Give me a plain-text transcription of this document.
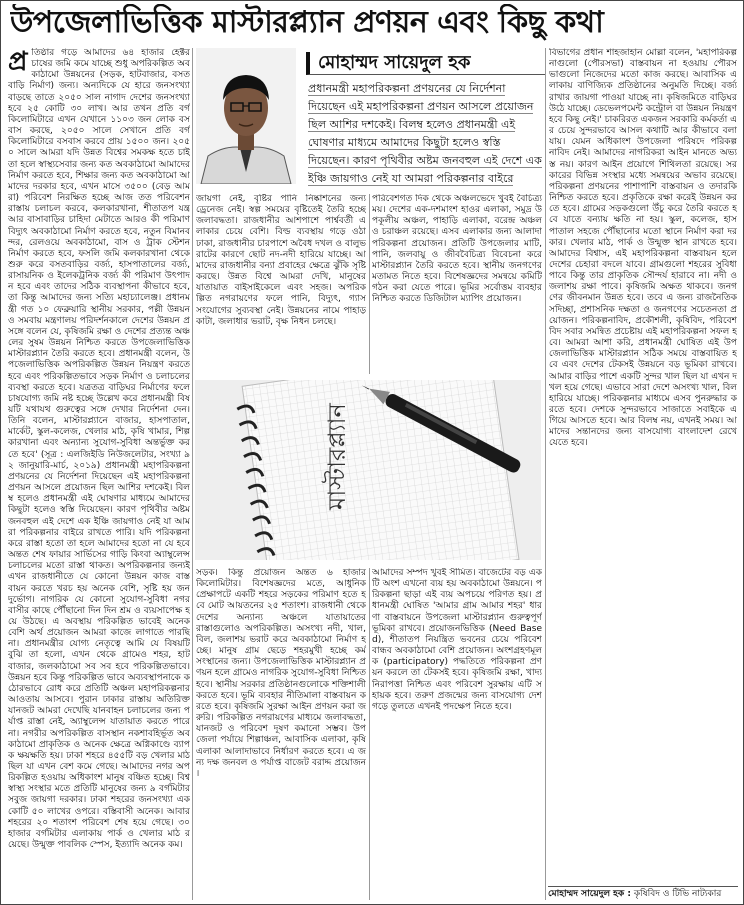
উপজেলাভিত্তিক মাস্টারপ্ল্যান প্রণয়ন এবং কিছু কথা
প্র তিষ্ঠার গড়ে আমাদের ৬৪ হাজার হেক্টর চাষের জমি কমে যাচ্ছে শুধু অপরিকল্পিত অবকাঠামো উন্নয়নের (সড়ক, হাটবাজার, বসতবাড়ি নির্মাণ) জন্য। অন্যদিকে যে হারে জনসংখ্যা বাড়ছে তাতে ২০৫০ সাল নাগাদ দেশের জনসংখ্যা হবে ২৫ কোটি ৩০ লাখ। আর তখন প্রতি বর্গকিলোমিটারে এখন যেখানে ১১০৩ জন লোক বসবাস করছে, ২০৫০ সালে সেখানে প্রতি বর্গকিলোমিটারে বসবাস করবে প্রায় ১৫০০ জন। ২০৫০ সালে আমরা যদি উন্নত বিশ্বের সমকক্ষ হতে চাই তা হলে স্বাস্থ্যসেবার জন্য কত অবকাঠামো আমাদের নির্মাণ করতে হবে, শিক্ষার জন্য কত অবকাঠামো আমাদের দরকার হবে, এখন মাসে ৩৫০০ (বেড় আমরা) পরিবেশ নিরক্ষিত হচ্ছে আজ তত পরিবেশন রাস্তায় চলাচল করবে, কলকারখানা, শীতাতপ যন্ত্র আর বাসাবাড়ির চাহিদা মেটাতে আরও কী পরিমাণ বিদ্যুৎ অবকাঠামো নির্মাণ করতে হবে, নতুন বিমানবন্দর, রেলওয়ে অবকাঠামো, বাস ও ট্রাক স্টেশন নির্মাণ করতে হবে, ফসলি জমি কলকারখানা থেকে শুরু করে বসতবাড়ির বর্জ্য, হাসপাতালের বর্জ্য, রাসায়নিক ও ইলেকট্রনিক বর্জ্য কী পরিমাণ উৎপাদন হবে এবং তাদের সঠিক ব্যবস্থাপনা কীভাবে হবে, তা কিন্তু আমাদের জন্য সত্যি মহাচ্যালেঞ্জ। প্রধানমন্ত্রী গত ১০ ফেব্রুয়ারি স্থানীয় সরকার, পল্লী উন্নয়ন ও সমবায় মন্ত্রণালয় পরিদর্শনকালে দেশের উন্নয়ন প্রসঙ্গে বলেন যে, কৃষিজমি রক্ষা ও দেশের প্রত্যন্ত অঞ্চলের সুষম উন্নয়ন নিশ্চিত করতে উপজেলাভিত্তিক মাস্টারপ্ল্যান তৈরি করতে হবে। প্রধানমন্ত্রী বলেন, উপজেলাভিত্তিক অপরিকল্পিত উন্নয়ন নিয়ন্ত্রণ করতে হবে এবং পরিকল্পিতভাবে সড়ক নির্মাণ ও চলাচলের ব্যবস্থা করতে হবে। যত্রতত্র বাড়িঘর নির্মাণের ফলে চাষযোগ্য জমি নষ্ট হচ্ছে উল্লেখ করে প্রধানমন্ত্রী বিষয়টি যথাযথ গুরুত্বের সঙ্গে দেখার নির্দেশনা দেন। তিনি বলেন, মাস্টারপ্ল্যানে বাজার, হাসপাতাল, মার্কেট, স্কুল-কলেজ, খেলার মাঠ, কৃষি খামার, শিল্পকারখানা এবং অন্যান্য সুযোগ-সুবিধা অন্তর্ভুক্ত করতে হবে' (সূত্র : এলজিইডি নিউজলেটার, সংখ্যা ৯২ জানুয়ারি-মার্চ, ২০১৯) প্রধানমন্ত্রী মহাপরিকল্পনা প্রণয়নের যে নির্দেশনা দিয়েছেন এই মহাপরিকল্পনা প্রণয়ন আসলে প্রয়োজন ছিল আশির দশকেই। বিলম্ব হলেও প্রধানমন্ত্রী এই ঘোষণার মাধ্যমে আমাদের কিছুটা হলেও স্বস্তি দিয়েছেন। কারণ পৃথিবীর অষ্টম জনবহুল এই দেশে এক ইঞ্চি জায়গাও নেই যা আমরা পরিকল্পনার বাইরে রাখতে পারি। যদি পরিকল্পনা করে রাস্তা হতো তা হলে আমাদের হতো না যে হবে অন্তত শেষ ফায়ার সার্ভিসের গাড়ি কিংবা অ্যাম্বুলেন্স চলাচলের মতো রাস্তা থাকত। অপরিকল্পনার জন্যই এখন রাজধানীতে যে কোনো উন্নয়ন কাজ বাস্তবায়ন করতে খরচ হয় অনেক বেশি, সৃষ্টি হয় জনদুর্ভোগ। নাগরিক যে কোনো সুযোগ-সুবিধা নগরবাসীর কাছে পৌঁছানো দিন দিন শ্রম ও ব্যয়সাপেক্ষ হয়ে উঠছে। এ অবস্থায় পরিকল্পিত ভাবেই অনেক বেশি অর্থ প্রয়োজন আমরা কাজে লাগাতে পারছি না। প্রধানমন্ত্রীর যোগ্য নেতৃত্বে আমি যে বিষয়টি বুঝি তা হলো, এখন থেকে গ্রামেও শহর, হাটবাজার, জলকাঠামো সব সব হবে পরিকল্পিতভাবে। উন্নয়ন হবে কিন্তু পরিকল্পিত ভাবে অব্যবস্থাপনাকে কঠোরভাবে রোধ করে প্রতিটি অঞ্চল মহাপরিকল্পনার আওতায় আসবে। পুরান ঢাকার রাস্তায় অতিরিক্ত যানজট আমরা দেখেছি যানবাহন চলাচলের জন্য পর্যাপ্ত রাস্তা নেই, অ্যাম্বুলেন্স যাতায়াত করতে পারে না। নগরীর অপরিকল্পিত বাসস্থান নকশাবহির্ভূত অবকাঠামো প্রাকৃতিক ও অনেক ক্ষেত্রে অগ্নিকাণ্ডে ব্যাপক ক্ষয়ক্ষতি হয়। ঢাকা শহরে ৪৫৫টি বড় খেলার মাঠ ছিল যা এখন বেশ কমে গেছে। আমাদের নগর অপরিকল্পিত হওয়ায় অধিকাংশ মানুষ বঞ্চিত হচ্ছে। বিশ্ব স্বাস্থ্য সংস্থার মতে প্রতিটি মানুষের জন্য ৯ বর্গমিটার সবুজ জায়গা দরকার। ঢাকা শহরের জনসংখ্যা এক কোটি ৫০ লাখের ওপরে। বস্তিবাসী অনেক। আবার শহরের ২০ শতাংশ পরিবেশ শেষ হয়ে গেছে। ৩০ হাজার বর্গমিটার এলাকায় পার্ক ও খেলার মাঠ রয়েছে। উন্মুক্ত পাবলিক স্পেস, ইত্যাদি অনেক কম।
মোহাম্মদ সায়েদুল হক
প্রধানমন্ত্রী মহাপরিকল্পনা প্রণয়নের যে নির্দেশনা দিয়েছেন এই মহাপরিকল্পনা প্রণয়ন আসলে প্রয়োজন ছিল আশির দশকেই। বিলম্ব হলেও প্রধানমন্ত্রী এই ঘোষণার মাধ্যমে আমাদের কিছুটা হলেও স্বস্তি দিয়েছেন। কারণ পৃথিবীর অষ্টম জনবহুল এই দেশে এক ইঞ্চি জায়গাও নেই যা আমরা পরিকল্পনার বাইরে
জায়গা নেই, বৃষ্টির পানি নিষ্কাশনের জন্য ড্রেনেজ নেই। স্বল্প সময়ের বৃষ্টিতেই তৈরি হচ্ছে জলাবদ্ধতা। রাজধানীর আশপাশে পার্শ্ববর্তী এলাকার চেয়ে বেশি। বিল্ড ব্যবস্থায় গড়ে ওঠা ঢাকা, রাজধানীর চারপাশে অবৈধ দখল ও বালুভরাটের কারণে ছোট নদ-নদী হারিয়ে যাচ্ছে। আমাদের রাজধানীর বন্যা প্রবাহের ক্ষেত্রে ঝুঁকি সৃষ্টি করছে। উন্নত বিশ্বে আমরা দেখি, মানুষের যাতায়াত বাইসাইকেলে এবং সহজ। অপরিকল্পিত নগরায়ণের ফলে পানি, বিদ্যুৎ, গ্যাস সংযোগের সুব্যবস্থা নেই। উন্নয়নের নামে পাহাড় কাটা, জলাধার ভরাট, বৃক্ষ নিধন চলছে।
পরিবেশগত দিক থেকে অঞ্চলভেদে খুবই বৈচিত্র্যময়। দেশের এক-দশমাংশ হাওর এলাকা, সমুদ্র উপকূলীয় অঞ্চল, পাহাড়ি এলাকা, বরেন্দ্র অঞ্চল ও চরাঞ্চল রয়েছে। এসব এলাকার জন্য আলাদা পরিকল্পনা প্রয়োজন। প্রতিটি উপজেলার মাটি, পানি, জলবায়ু ও জীববৈচিত্র্য বিবেচনা করে মাস্টারপ্ল্যান তৈরি করতে হবে। স্থানীয় জনগণের মতামত নিতে হবে। বিশেষজ্ঞদের সমন্বয়ে কমিটি গঠন করা যেতে পারে। ভূমির সর্বোত্তম ব্যবহার নিশ্চিত করতে ডিজিটাল ম্যাপিং প্রয়োজন।
মাস্টারপ্ল্যান
সড়ক। কিন্তু প্রয়োজন অন্তত ৬ হাজার কিলোমিটার। বিশেষজ্ঞদের মতে, আধুনিক প্রেক্ষাপটে একটি শহরে সড়কের পরিমাণ হতে হবে মোট আয়তনের ২৫ শতাংশ। রাজধানী থেকে দেশের অন্যান্য অঞ্চলে যাতায়াতের রাস্তাগুলোও অপরিকল্পিত। অসংখ্য নদী, খাল, বিল, জলাশয় ভরাট করে অবকাঠামো নির্মাণ হচ্ছে। মানুষ গ্রাম ছেড়ে শহরমুখী হচ্ছে কর্মসংস্থানের জন্য। উপজেলাভিত্তিক মাস্টারপ্ল্যান প্রণয়ন হলে গ্রামেও নাগরিক সুযোগ-সুবিধা নিশ্চিত হবে। স্থানীয় সরকার প্রতিষ্ঠানগুলোকে শক্তিশালী করতে হবে। ভূমি ব্যবহার নীতিমালা বাস্তবায়ন করতে হবে। কৃষিজমি সুরক্ষা আইন প্রণয়ন করা জরুরি। পরিকল্পিত নগরায়ণের মাধ্যমে জলাবদ্ধতা, যানজট ও পরিবেশ দূষণ কমানো সম্ভব। উপজেলা পর্যায়ে শিল্পাঞ্চল, আবাসিক এলাকা, কৃষি এলাকা আলাদাভাবে নির্ধারণ করতে হবে। এ জন্য দক্ষ জনবল ও পর্যাপ্ত বাজেট বরাদ্দ প্রয়োজন।
আমাদের সম্পদ খুবই সীমিত। বাজেটের বড় একটি অংশ এখনো ব্যয় হয় অবকাঠামো উন্নয়নে। পরিকল্পনা ছাড়া এই ব্যয় অপচয়ে পরিণত হয়। প্রধানমন্ত্রী ঘোষিত 'আমার গ্রাম আমার শহর' ধারণা বাস্তবায়নে উপজেলা মাস্টারপ্ল্যান গুরুত্বপূর্ণ ভূমিকা রাখবে। প্রয়োজনভিত্তিক (Need Based), শীতাতপ নিয়ন্ত্রিত ভবনের চেয়ে পরিবেশবান্ধব অবকাঠামো বেশি প্রয়োজন। অংশগ্রহণমূলক (participatory) পদ্ধতিতে পরিকল্পনা প্রণয়ন করলে তা টেকসই হবে। কৃষিজমি রক্ষা, খাদ্য নিরাপত্তা নিশ্চিত এবং পরিবেশ সুরক্ষায় এটি সহায়ক হবে। তরুণ প্রজন্মের জন্য বাসযোগ্য দেশ গড়ে তুলতে এখনই পদক্ষেপ নিতে হবে।
বিভাগের প্রধান শাহজাহান মোল্লা বলেন, 'মহাপরিকল্পনাগুলো (পৌরসভা) বাস্তবায়ন না হওয়ায় পৌরসভাগুলো নিজেদের মতো কাজ করছে। আবাসিক এলাকায় বাণিজ্যিক প্রতিষ্ঠানের অনুমতি দিচ্ছে। বর্জ্য রাখার জায়গা পাওয়া যাচ্ছে না। কৃষিজমিতে বাড়িঘর উঠে যাচ্ছে। ডেভেলপমেন্ট কন্ট্রোল বা উন্নয়ন নিয়ন্ত্রণ হবে কিছু নেই।' চাকরিরত একজন সরকারি কর্মকর্তা এর চেয়ে সুন্দরভাবে আসল কথাটি আর কীভাবে বলা যায়। যেমন অধিকাংশ উপজেলা পরিষদে পরিকল্পনাবিদ নেই। আমাদের নাগরিকরা আইন মানতে অভ্যস্ত নয়। কারণ আইন প্রয়োগে শিথিলতা রয়েছে। সরকারের বিভিন্ন সংস্থার মধ্যে সমন্বয়ের অভাব রয়েছে। পরিকল্পনা প্রণয়নের পাশাপাশি বাস্তবায়ন ও তদারকি নিশ্চিত করতে হবে। প্রকৃতিকে রক্ষা করেই উন্নয়ন করতে হবে। গ্রামের সড়কগুলো উঁচু করে তৈরি করতে হবে যাতে বন্যায় ক্ষতি না হয়। স্কুল, কলেজ, হাসপাতাল সহজে পৌঁছানোর মতো স্থানে নির্মাণ করা দরকার। খেলার মাঠ, পার্ক ও উন্মুক্ত স্থান রাখতে হবে। আমাদের বিশ্বাস, এই মহাপরিকল্পনা বাস্তবায়ন হলে দেশের চেহারা বদলে যাবে। গ্রামগুলো শহরের সুবিধা পাবে কিন্তু তার প্রাকৃতিক সৌন্দর্য হারাবে না। নদী ও জলাশয় রক্ষা পাবে। কৃষিজমি অক্ষত থাকবে। জনগণের জীবনমান উন্নত হবে। তবে এ জন্য রাজনৈতিক সদিচ্ছা, প্রশাসনিক দক্ষতা ও জনগণের সচেতনতা প্রয়োজন। পরিকল্পনাবিদ, প্রকৌশলী, কৃষিবিদ, পরিবেশবিদ সবার সমন্বিত প্রচেষ্টায় এই মহাপরিকল্পনা সফল হবে। আমরা আশা করি, প্রধানমন্ত্রী ঘোষিত এই উপজেলাভিত্তিক মাস্টারপ্ল্যান সঠিক সময়ে বাস্তবায়িত হবে এবং দেশের টেকসই উন্নয়নে বড় ভূমিকা রাখবে। আমার বাড়ির পাশে একটি সুন্দর খাল ছিল যা এখন দখল হয়ে গেছে। এভাবে সারা দেশে অসংখ্য খাল, বিল হারিয়ে যাচ্ছে। পরিকল্পনার মাধ্যমে এসব পুনরুদ্ধার করতে হবে। দেশকে সুন্দরভাবে সাজাতে সবাইকে এগিয়ে আসতে হবে। আর বিলম্ব নয়, এখনই সময়। আমাদের সন্তানদের জন্য বাসযোগ্য বাংলাদেশ রেখে যেতে হবে।
মোহাম্মদ সায়েদুল হক : কৃষিবিদ ও টিভি নাট্যকার
